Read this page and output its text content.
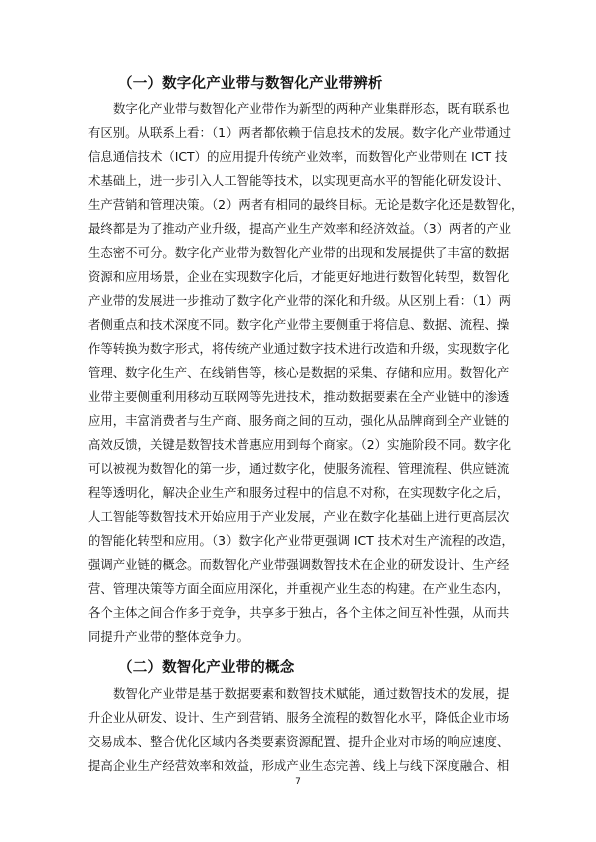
（一）数字化产业带与数智化产业带辨析
数字化产业带与数智化产业带作为新型的两种产业集群形态，既有联系也
有区别。从联系上看：（1）两者都依赖于信息技术的发展。数字化产业带通过
信息通信技术（ICT）的应用提升传统产业效率，而数智化产业带则在 ICT 技
术基础上，进一步引入人工智能等技术，以实现更高水平的智能化研发设计、
生产营销和管理决策。（2）两者有相同的最终目标。无论是数字化还是数智化，
最终都是为了推动产业升级，提高产业生产效率和经济效益。（3）两者的产业
生态密不可分。数字化产业带为数智化产业带的出现和发展提供了丰富的数据
资源和应用场景，企业在实现数字化后，才能更好地进行数智化转型，数智化
产业带的发展进一步推动了数字化产业带的深化和升级。从区别上看：（1）两
者侧重点和技术深度不同。数字化产业带主要侧重于将信息、数据、流程、操
作等转换为数字形式，将传统产业通过数字技术进行改造和升级，实现数字化
管理、数字化生产、在线销售等，核心是数据的采集、存储和应用。数智化产
业带主要侧重利用移动互联网等先进技术，推动数据要素在全产业链中的渗透
应用，丰富消费者与生产商、服务商之间的互动，强化从品牌商到全产业链的
高效反馈，关键是数智技术普惠应用到每个商家。（2）实施阶段不同。数字化
可以被视为数智化的第一步，通过数字化，使服务流程、管理流程、供应链流
程等透明化，解决企业生产和服务过程中的信息不对称，在实现数字化之后，
人工智能等数智技术开始应用于产业发展，产业在数字化基础上进行更高层次
的智能化转型和应用。（3）数字化产业带更强调 ICT 技术对生产流程的改造，
强调产业链的概念。而数智化产业带强调数智技术在企业的研发设计、生产经
营、管理决策等方面全面应用深化，并重视产业生态的构建。在产业生态内，
各个主体之间合作多于竞争，共享多于独占，各个主体之间互补性强，从而共
同提升产业带的整体竞争力。
（二）数智化产业带的概念
数智化产业带是基于数据要素和数智技术赋能，通过数智技术的发展，提
升企业从研发、设计、生产到营销、服务全流程的数智化水平，降低企业市场
交易成本、整合优化区域内各类要素资源配置、提升企业对市场的响应速度、
提高企业生产经营效率和效益，形成产业生态完善、线上与线下深度融合、相
7
